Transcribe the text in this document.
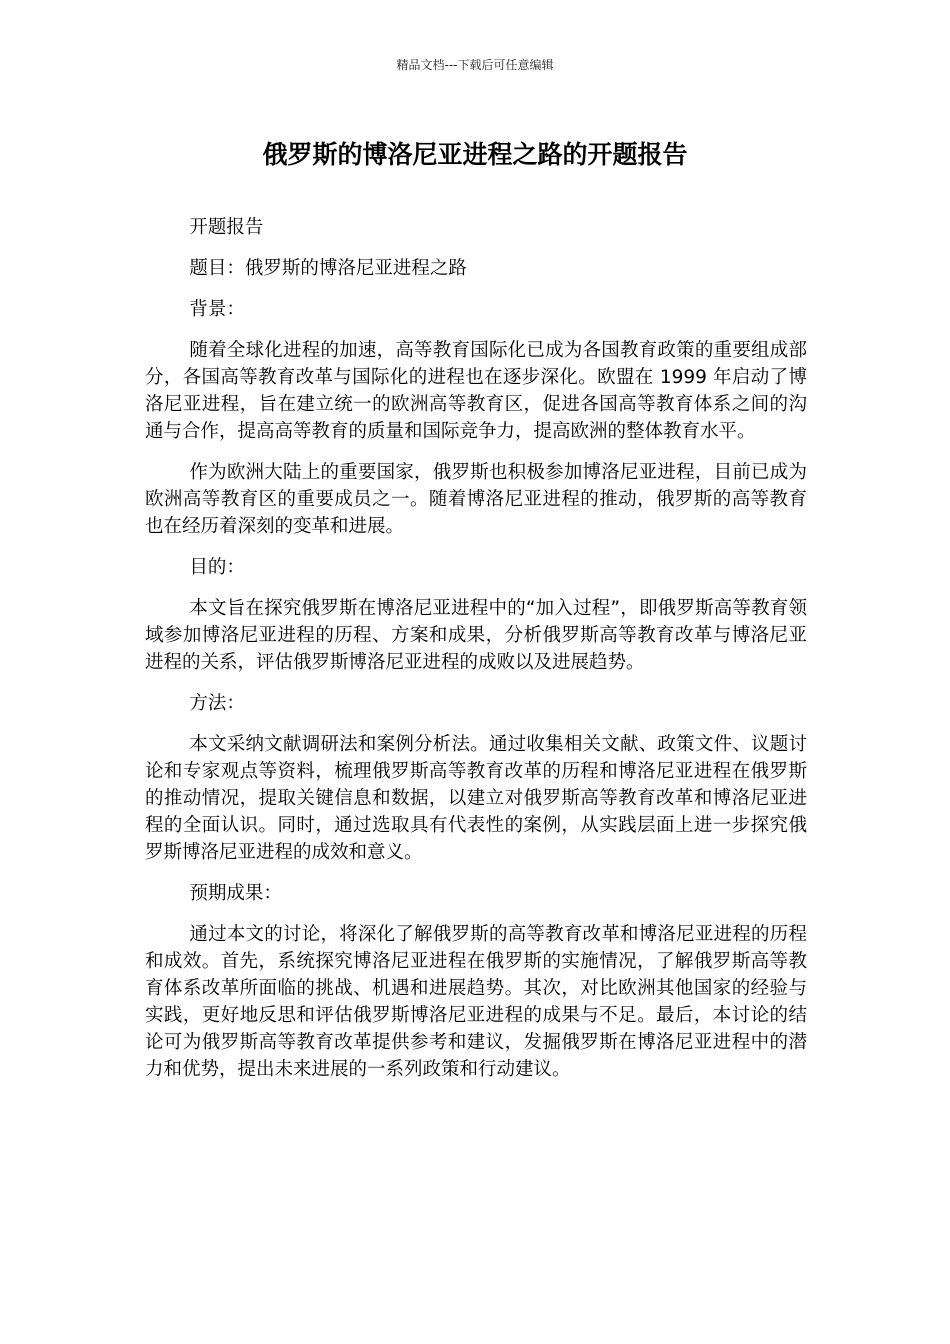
精品文档---下载后可任意编辑
俄罗斯的博洛尼亚进程之路的开题报告

开题报告

题目：俄罗斯的博洛尼亚进程之路

背景：

随着全球化进程的加速，高等教育国际化已成为各国教育政策的重要组成部分，各国高等教育改革与国际化的进程也在逐步深化。欧盟在 1999 年启动了博洛尼亚进程，旨在建立统一的欧洲高等教育区，促进各国高等教育体系之间的沟通与合作，提高高等教育的质量和国际竞争力，提高欧洲的整体教育水平。

作为欧洲大陆上的重要国家，俄罗斯也积极参加博洛尼亚进程，目前已成为欧洲高等教育区的重要成员之一。随着博洛尼亚进程的推动，俄罗斯的高等教育也在经历着深刻的变革和进展。

目的：

本文旨在探究俄罗斯在博洛尼亚进程中的“加入过程”，即俄罗斯高等教育领域参加博洛尼亚进程的历程、方案和成果，分析俄罗斯高等教育改革与博洛尼亚进程的关系，评估俄罗斯博洛尼亚进程的成败以及进展趋势。

方法：

本文采纳文献调研法和案例分析法。通过收集相关文献、政策文件、议题讨论和专家观点等资料，梳理俄罗斯高等教育改革的历程和博洛尼亚进程在俄罗斯的推动情况，提取关键信息和数据，以建立对俄罗斯高等教育改革和博洛尼亚进程的全面认识。同时，通过选取具有代表性的案例，从实践层面上进一步探究俄罗斯博洛尼亚进程的成效和意义。

预期成果：

通过本文的讨论，将深化了解俄罗斯的高等教育改革和博洛尼亚进程的历程和成效。首先，系统探究博洛尼亚进程在俄罗斯的实施情况，了解俄罗斯高等教育体系改革所面临的挑战、机遇和进展趋势。其次，对比欧洲其他国家的经验与实践，更好地反思和评估俄罗斯博洛尼亚进程的成果与不足。最后，本讨论的结论可为俄罗斯高等教育改革提供参考和建议，发掘俄罗斯在博洛尼亚进程中的潜力和优势，提出未来进展的一系列政策和行动建议。
